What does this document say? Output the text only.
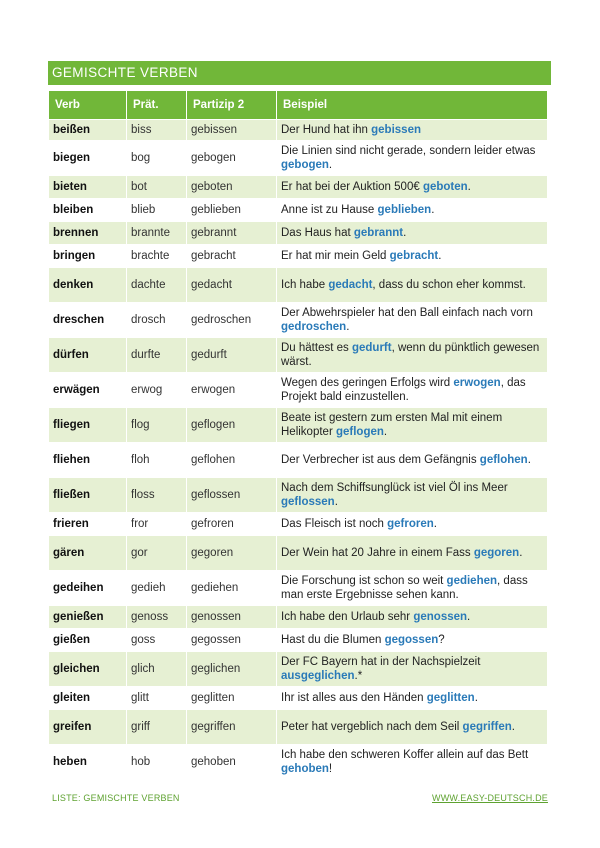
GEMISCHTE VERBEN
Verb	Prät.	Partizip 2	Beispiel
beißen	biss	gebissen	Der Hund hat ihn gebissen
biegen	bog	gebogen	Die Linien sind nicht gerade, sondern leider etwas gebogen.
bieten	bot	geboten	Er hat bei der Auktion 500€ geboten.
bleiben	blieb	geblieben	Anne ist zu Hause geblieben.
brennen	brannte	gebrannt	Das Haus hat gebrannt.
bringen	brachte	gebracht	Er hat mir mein Geld gebracht.
denken	dachte	gedacht	Ich habe gedacht, dass du schon eher kommst.
dreschen	drosch	gedroschen	Der Abwehrspieler hat den Ball einfach nach vorn gedroschen.
dürfen	durfte	gedurft	Du hättest es gedurft, wenn du pünktlich gewesen wärst.
erwägen	erwog	erwogen	Wegen des geringen Erfolgs wird erwogen, das Projekt bald einzustellen.
fliegen	flog	geflogen	Beate ist gestern zum ersten Mal mit einem Helikopter geflogen.
fliehen	floh	geflohen	Der Verbrecher ist aus dem Gefängnis geflohen.
fließen	floss	geflossen	Nach dem Schiffsunglück ist viel Öl ins Meer geflossen.
frieren	fror	gefroren	Das Fleisch ist noch gefroren.
gären	gor	gegoren	Der Wein hat 20 Jahre in einem Fass gegoren.
gedeihen	gedieh	gediehen	Die Forschung ist schon so weit gediehen, dass man erste Ergebnisse sehen kann.
genießen	genoss	genossen	Ich habe den Urlaub sehr genossen.
gießen	goss	gegossen	Hast du die Blumen gegossen?
gleichen	glich	geglichen	Der FC Bayern hat in der Nachspielzeit ausgeglichen.*
gleiten	glitt	geglitten	Ihr ist alles aus den Händen geglitten.
greifen	griff	gegriffen	Peter hat vergeblich nach dem Seil gegriffen.
heben	hob	gehoben	Ich habe den schweren Koffer allein auf das Bett gehoben!
LISTE: GEMISCHTE VERBEN	WWW.EASY-DEUTSCH.DE
